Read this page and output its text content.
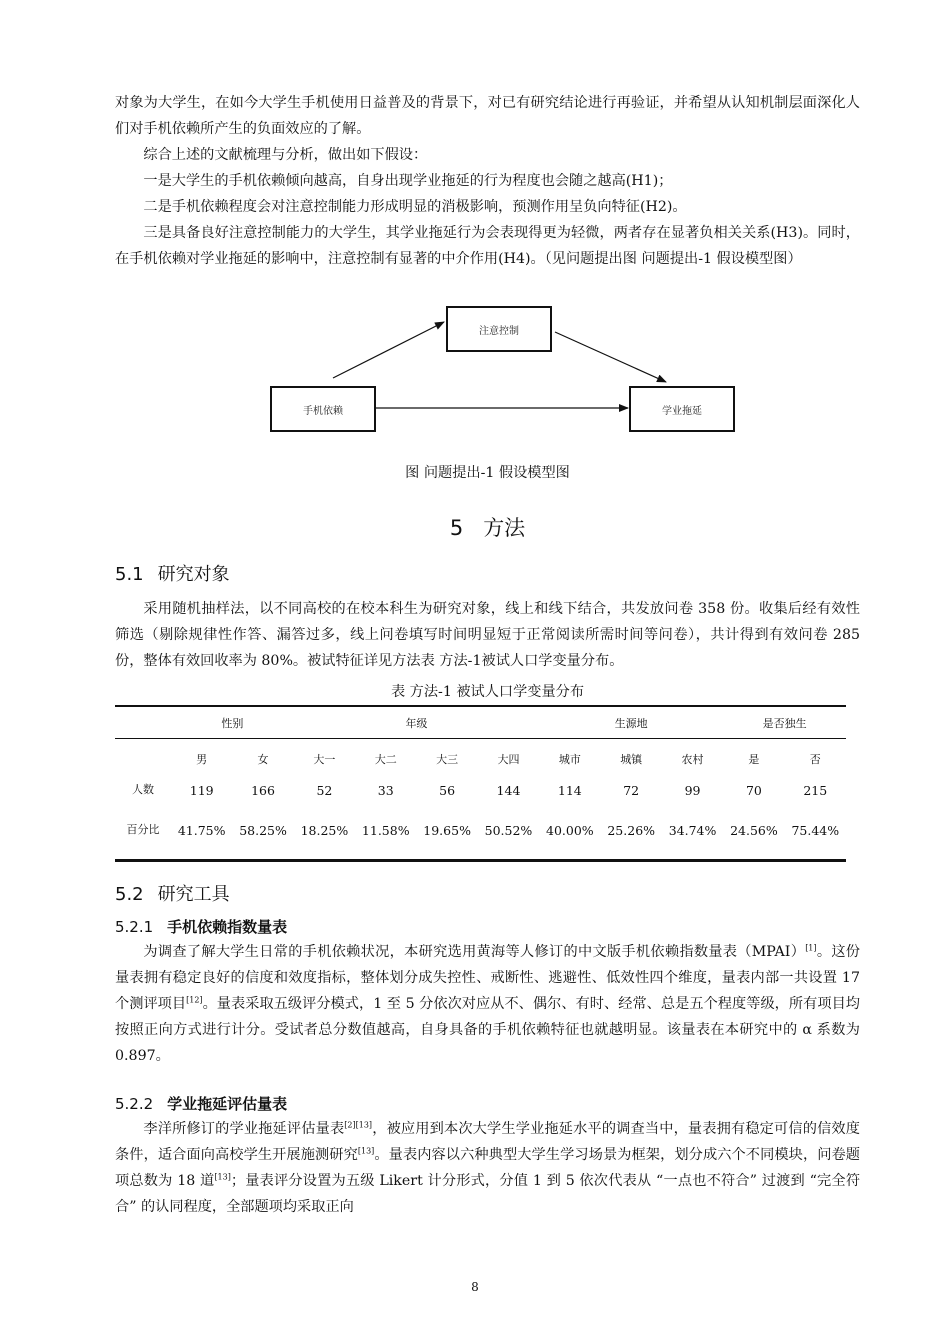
对象为大学生，在如今大学生手机使用日益普及的背景下，对已有研究结论进行再验证，并希望从认知机制层面深化人们对手机依赖所产生的负面效应的了解。

综合上述的文献梳理与分析，做出如下假设：

一是大学生的手机依赖倾向越高，自身出现学业拖延的行为程度也会随之越高(H1)；

二是手机依赖程度会对注意控制能力形成明显的消极影响，预测作用呈负向特征(H2)。

三是具备良好注意控制能力的大学生，其学业拖延行为会表现得更为轻微，两者存在显著负相关关系(H3)。同时，在手机依赖对学业拖延的影响中，注意控制有显著的中介作用(H4)。（见问题提出图 问题提出-1 假设模型图）

注意控制
手机依赖	学业拖延
图 问题提出-1 假设模型图
5 方法
5.1 研究对象

采用随机抽样法，以不同高校的在校本科生为研究对象，线上和线下结合，共发放问卷 358 份。收集后经有效性筛选（剔除规律性作答、漏答过多，线上问卷填写时间明显短于正常阅读所需时间等问卷），共计得到有效问卷 285 份，整体有效回收率为 80%。被试特征详见方法表 方法-1被试人口学变量分布。

表 方法-1 被试人口学变量分布
	性别		年级				生源地			是否独生	
	男	女	大一	大二	大三	大四	城市	城镇	农村	是	否
人数	119	166	52	33	56	144	114	72	99	70	215
百分比	41.75%	58.25%	18.25%	11.58%	19.65%	50.52%	40.00%	25.26%	34.74%	24.56%	75.44%
5.2 研究工具
5.2.1 手机依赖指数量表

为调查了解大学生日常的手机依赖状况，本研究选用黄海等人修订的中文版手机依赖指数量表（MPAI）[1]。这份量表拥有稳定良好的信度和效度指标，整体划分成失控性、戒断性、逃避性、低效性四个维度，量表内部一共设置 17 个测评项目[12]。量表采取五级评分模式，1 至 5 分依次对应从不、偶尔、有时、经常、总是五个程度等级，所有项目均按照正向方式进行计分。受试者总分数值越高，自身具备的手机依赖特征也就越明显。该量表在本研究中的 α 系数为 0.897。

5.2.2 学业拖延评估量表

李洋所修订的学业拖延评估量表[2][13]，被应用到本次大学生学业拖延水平的调查当中，量表拥有稳定可信的信效度条件，适合面向高校学生开展施测研究[13]。量表内容以六种典型大学生学习场景为框架，划分成六个不同模块，问卷题项总数为 18 道[13]；量表评分设置为五级 Likert 计分形式，分值 1 到 5 依次代表从 “一点也不符合” 过渡到 “完全符合” 的认同程度，全部题项均采取正向

8
